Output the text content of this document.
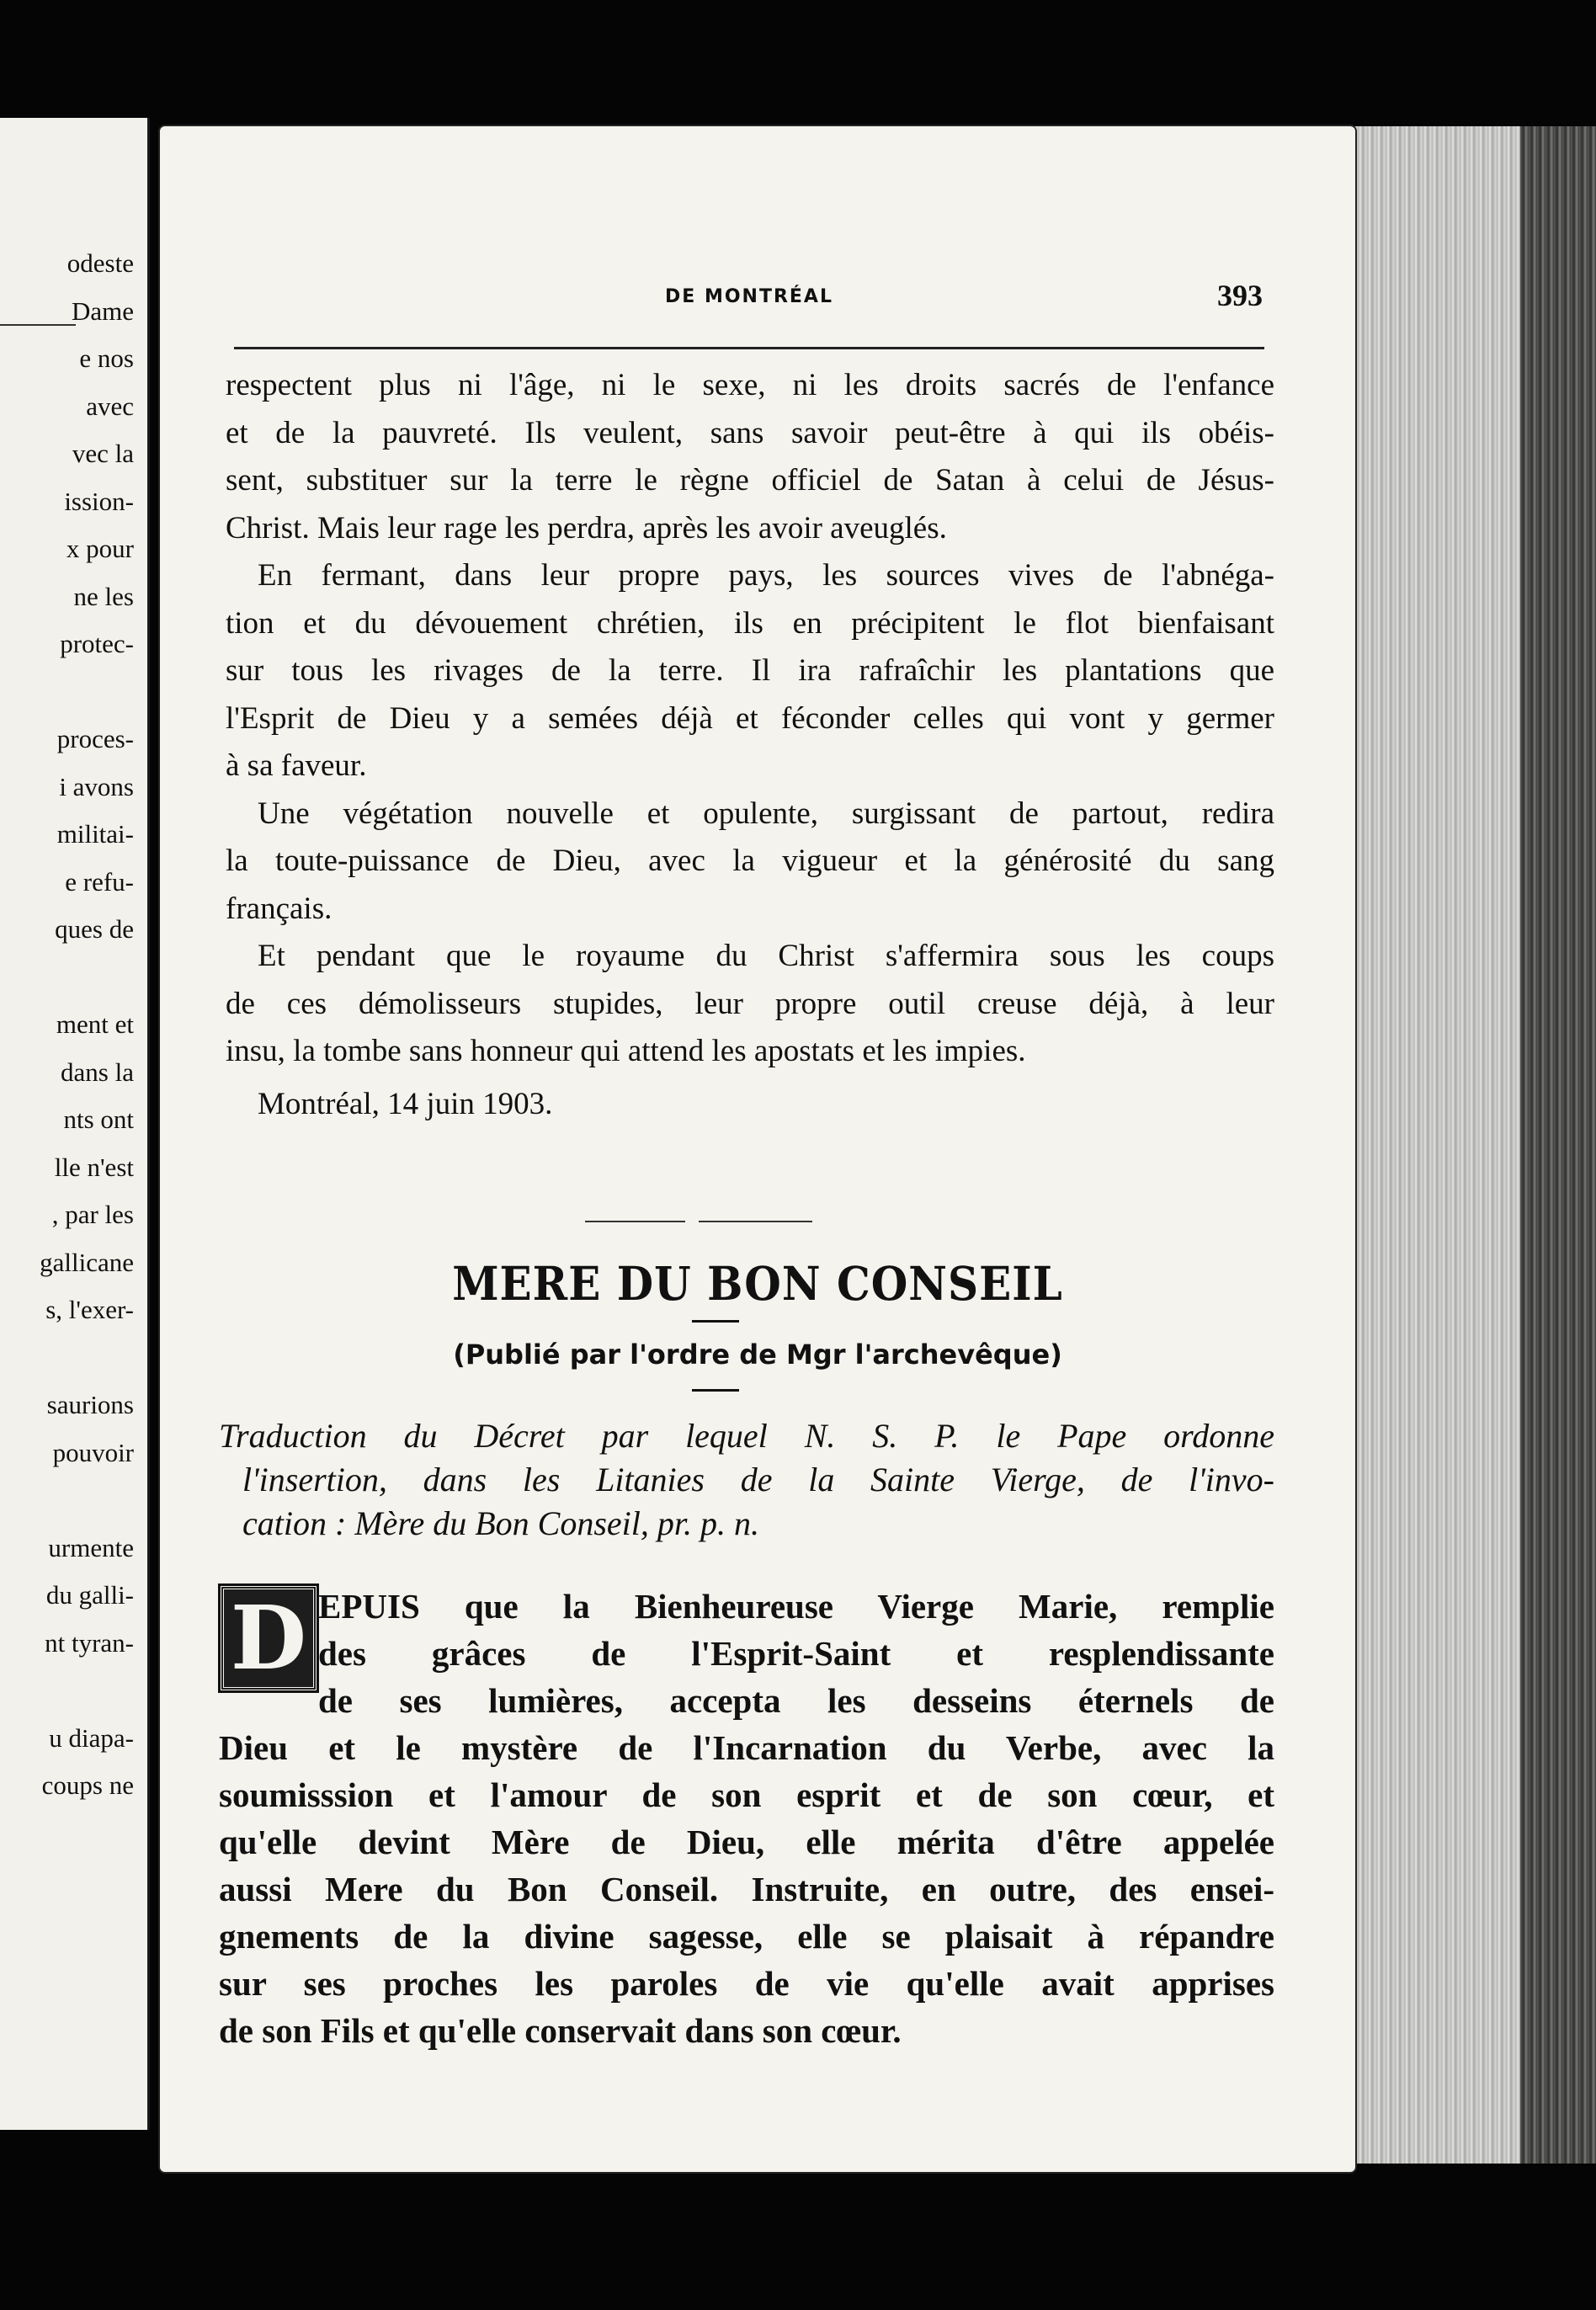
odeste
Dame
e nos
avec
vec la
ission-
x pour
ne les
protec-
proces-
i avons
militai-
e refu-
ques de
ment et
dans la
nts ont
lle n'est
, par les
gallicane
s, l'exer-
saurions
pouvoir
urmente
du galli-
nt tyran-
u diapa-
coups ne
DE MONTRÉAL	393
respectent plus ni l'âge, ni le sexe, ni les droits sacrés de l'enfance
et de la pauvreté. Ils veulent, sans savoir peut-être à qui ils obéis-
sent, substituer sur la terre le règne officiel de Satan à celui de Jésus-
Christ. Mais leur rage les perdra, après les avoir aveuglés.
En fermant, dans leur propre pays, les sources vives de l'abnéga-
tion et du dévouement chrétien, ils en précipitent le flot bienfaisant
sur tous les rivages de la terre. Il ira rafraîchir les plantations que
l'Esprit de Dieu y a semées déjà et féconder celles qui vont y germer
à sa faveur.
Une végétation nouvelle et opulente, surgissant de partout, redira
la toute-puissance de Dieu, avec la vigueur et la générosité du sang
français.
Et pendant que le royaume du Christ s'affermira sous les coups
de ces démolisseurs stupides, leur propre outil creuse déjà, à leur
insu, la tombe sans honneur qui attend les apostats et les impies.
Montréal, 14 juin 1903.
MERE DU BON CONSEIL
(Publié par l'ordre de Mgr l'archevêque)
Traduction du Décret par lequel N. S. P. le Pape ordonne
l'insertion, dans les Litanies de la Sainte Vierge, de l'invo-
cation : Mère du Bon Conseil, pr. p. n.
D EPUIS que la Bienheureuse Vierge Marie, remplie
des grâces de l'Esprit-Saint et resplendissante
de ses lumières, accepta les desseins éternels de
Dieu et le mystère de l'Incarnation du Verbe, avec la
soumisssion et l'amour de son esprit et de son cœur, et
qu'elle devint Mère de Dieu, elle mérita d'être appelée
aussi Mere du Bon Conseil. Instruite, en outre, des ensei-
gnements de la divine sagesse, elle se plaisait à répandre
sur ses proches les paroles de vie qu'elle avait apprises
de son Fils et qu'elle conservait dans son cœur.
